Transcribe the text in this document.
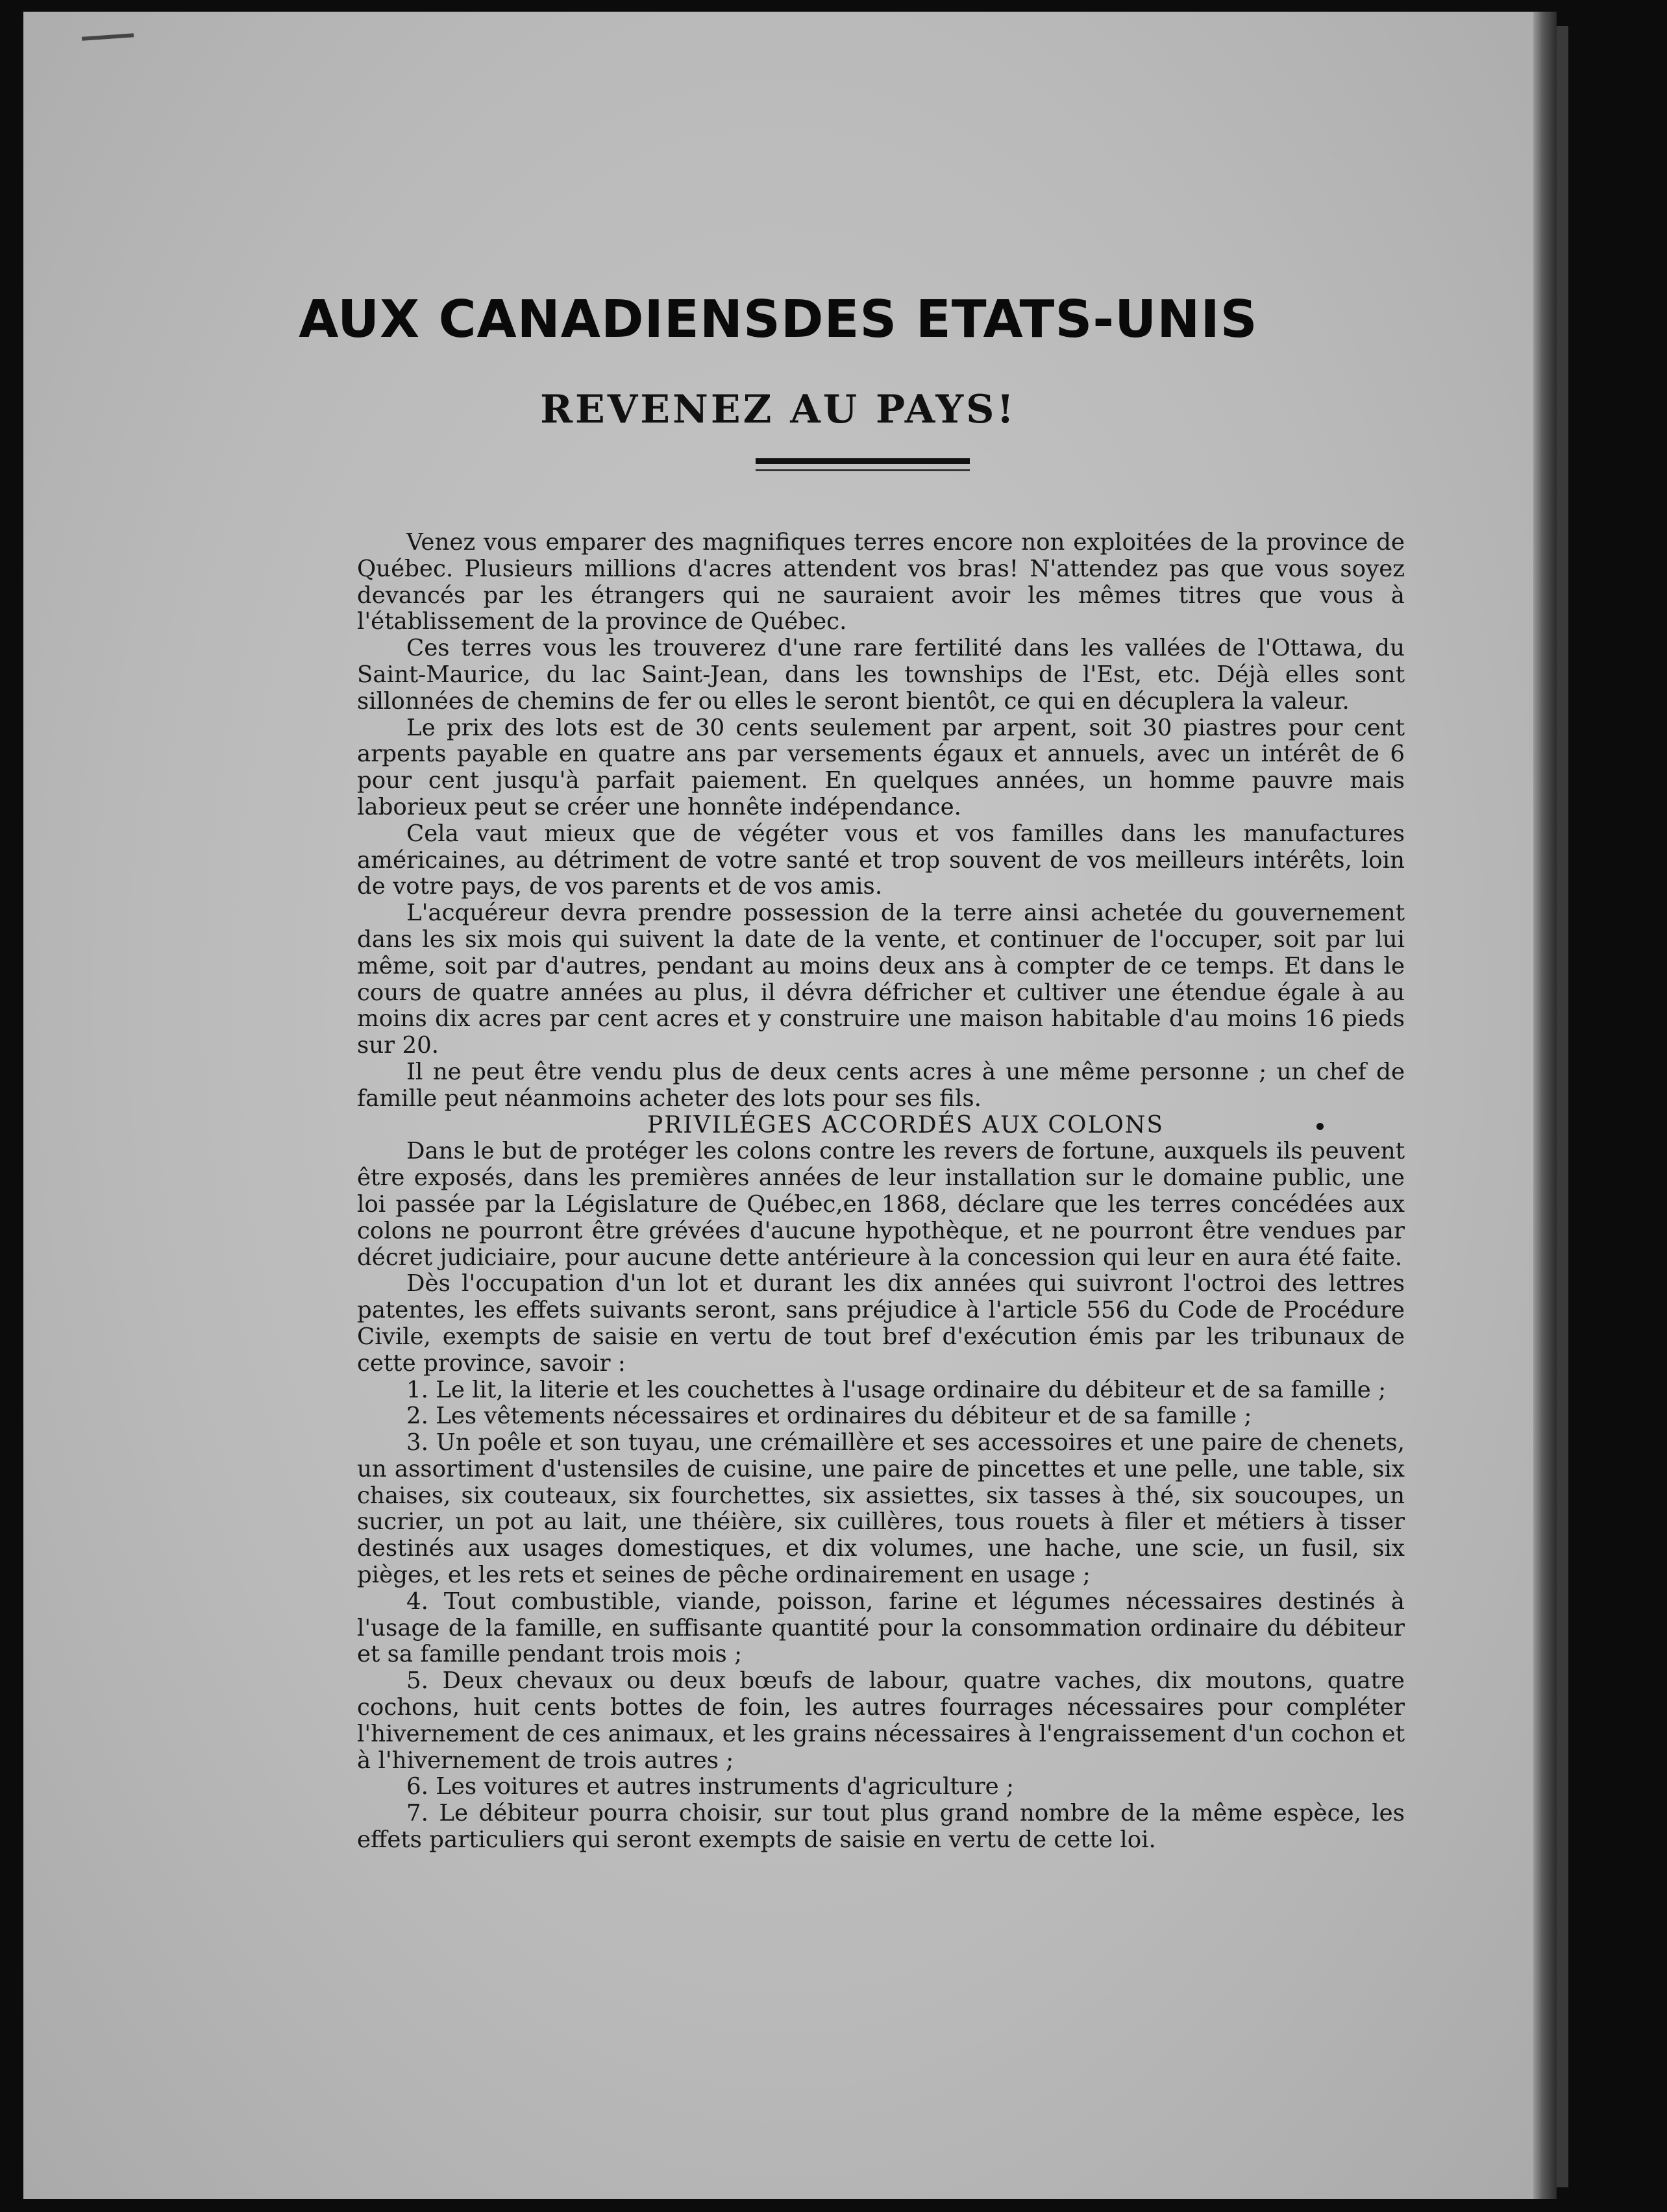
AUX CANADIENSDES ETATS-UNIS
REVENEZ AU PAYS!

Venez vous emparer des magnifiques terres encore non exploitées de la province de Québec. Plusieurs millions d'acres attendent vos bras! N'attendez pas que vous soyez devancés par les étrangers qui ne sauraient avoir les mêmes titres que vous à l'établissement de la province de Québec.

Ces terres vous les trouverez d'une rare fertilité dans les vallées de l'Ottawa, du Saint-Maurice, du lac Saint-Jean, dans les townships de l'Est, etc. Déjà elles sont sillonnées de chemins de fer ou elles le seront bientôt, ce qui en décuplera la valeur.

Le prix des lots est de 30 cents seulement par arpent, soit 30 piastres pour cent arpents payable en quatre ans par versements égaux et annuels, avec un intérêt de 6 pour cent jusqu'à parfait paiement. En quelques années, un homme pauvre mais laborieux peut se créer une honnête indépendance.

Cela vaut mieux que de végéter vous et vos familles dans les manufactures américaines, au détriment de votre santé et trop souvent de vos meilleurs intérêts, loin de votre pays, de vos parents et de vos amis.

L'acquéreur devra prendre possession de la terre ainsi achetée du gouvernement dans les six mois qui suivent la date de la vente, et continuer de l'occuper, soit par lui même, soit par d'autres, pendant au moins deux ans à compter de ce temps. Et dans le cours de quatre années au plus, il dévra défricher et cultiver une étendue égale à au moins dix acres par cent acres et y construire une maison habitable d'au moins 16 pieds sur 20.

Il ne peut être vendu plus de deux cents acres à une même personne ; un chef de famille peut néanmoins acheter des lots pour ses fils.

PRIVILÉGES ACCORDÉS AUX COLONS

Dans le but de protéger les colons contre les revers de fortune, auxquels ils peuvent être exposés, dans les premières années de leur installation sur le domaine public, une loi passée par la Législature de Québec,en 1868, déclare que les terres concédées aux colons ne pourront être grévées d'aucune hypothèque, et ne pourront être vendues par décret judiciaire, pour aucune dette antérieure à la concession qui leur en aura été faite.

Dès l'occupation d'un lot et durant les dix années qui suivront l'octroi des lettres patentes, les effets suivants seront, sans préjudice à l'article 556 du Code de Procédure Civile, exempts de saisie en vertu de tout bref d'exécution émis par les tribunaux de cette province, savoir :

1. Le lit, la literie et les couchettes à l'usage ordinaire du débiteur et de sa famille ;

2. Les vêtements nécessaires et ordinaires du débiteur et de sa famille ;

3. Un poêle et son tuyau, une crémaillère et ses accessoires et une paire de chenets, un assortiment d'ustensiles de cuisine, une paire de pincettes et une pelle, une table, six chaises, six couteaux, six fourchettes, six assiettes, six tasses à thé, six soucoupes, un sucrier, un pot au lait, une théière, six cuillères, tous rouets à filer et métiers à tisser destinés aux usages domestiques, et dix volumes, une hache, une scie, un fusil, six pièges, et les rets et seines de pêche ordinairement en usage ;

4. Tout combustible, viande, poisson, farine et légumes nécessaires destinés à l'usage de la famille, en suffisante quantité pour la consommation ordinaire du débiteur et sa famille pendant trois mois ;

5. Deux chevaux ou deux bœufs de labour, quatre vaches, dix moutons, quatre cochons, huit cents bottes de foin, les autres fourrages nécessaires pour compléter l'hivernement de ces animaux, et les grains nécessaires à l'engraissement d'un cochon et à l'hivernement de trois autres ;

6. Les voitures et autres instruments d'agriculture ;

7. Le débiteur pourra choisir, sur tout plus grand nombre de la même espèce, les effets particuliers qui seront exempts de saisie en vertu de cette loi.
